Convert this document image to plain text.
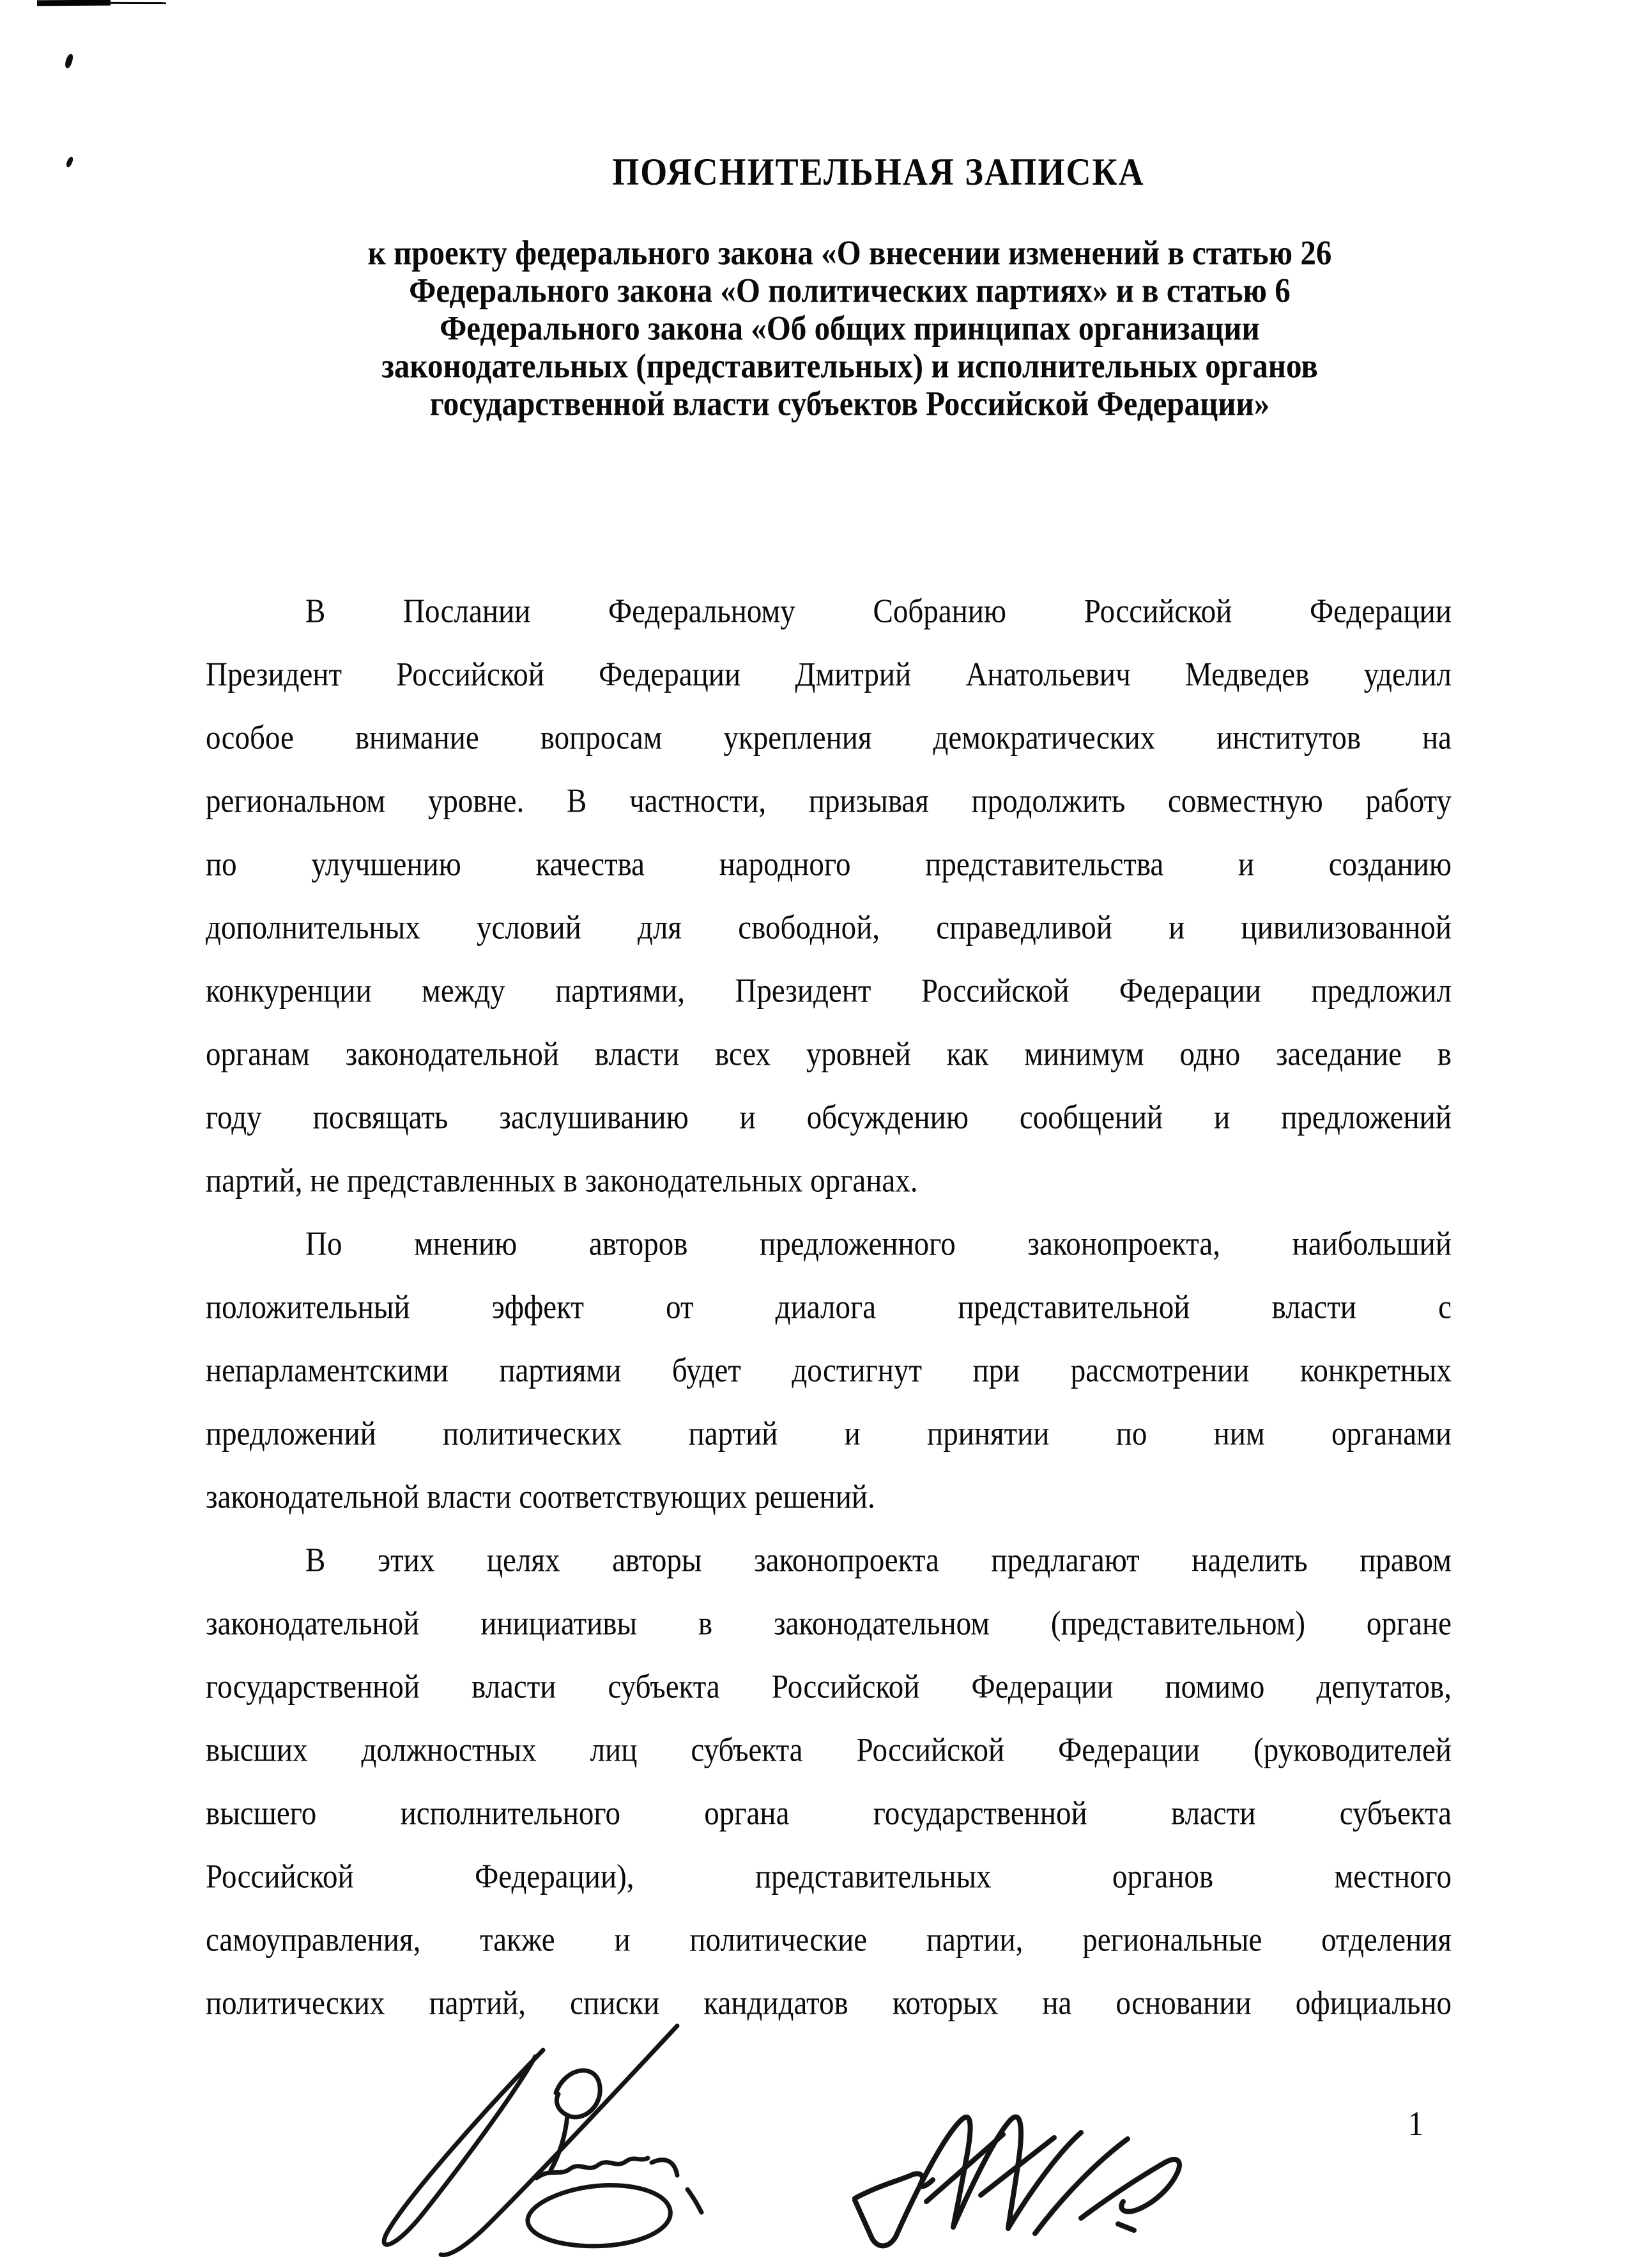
ПОЯСНИТЕЛЬНАЯ ЗАПИСКА
к проекту федерального закона «О внесении изменений в статью 26
Федерального закона «О политических партиях» и в статью 6
Федерального закона «Об общих принципах организации
законодательных (представительных) и исполнительных органов
государственной власти субъектов Российской Федерации»
В Послании Федеральному Собранию Российской Федерации
Президент Российской Федерации Дмитрий Анатольевич Медведев уделил
особое внимание вопросам укрепления демократических институтов на
региональном уровне. В частности, призывая продолжить совместную работу
по улучшению качества народного представительства и созданию
дополнительных условий для свободной, справедливой и цивилизованной
конкуренции между партиями, Президент Российской Федерации предложил
органам законодательной власти всех уровней как минимум одно заседание в
году посвящать заслушиванию и обсуждению сообщений и предложений
партий, не представленных в законодательных органах.
По мнению авторов предложенного законопроекта, наибольший
положительный эффект от диалога представительной власти с
непарламентскими партиями будет достигнут при рассмотрении конкретных
предложений политических партий и принятии по ним органами
законодательной власти соответствующих решений.
В этих целях авторы законопроекта предлагают наделить правом
законодательной инициативы в законодательном (представительном) органе
государственной власти субъекта Российской Федерации помимо депутатов,
высших должностных лиц субъекта Российской Федерации (руководителей
высшего исполнительного органа государственной власти субъекта
Российской Федерации), представительных органов местного
самоуправления, также и политические партии, региональные отделения
политических партий, списки кандидатов которых на основании официально
1
